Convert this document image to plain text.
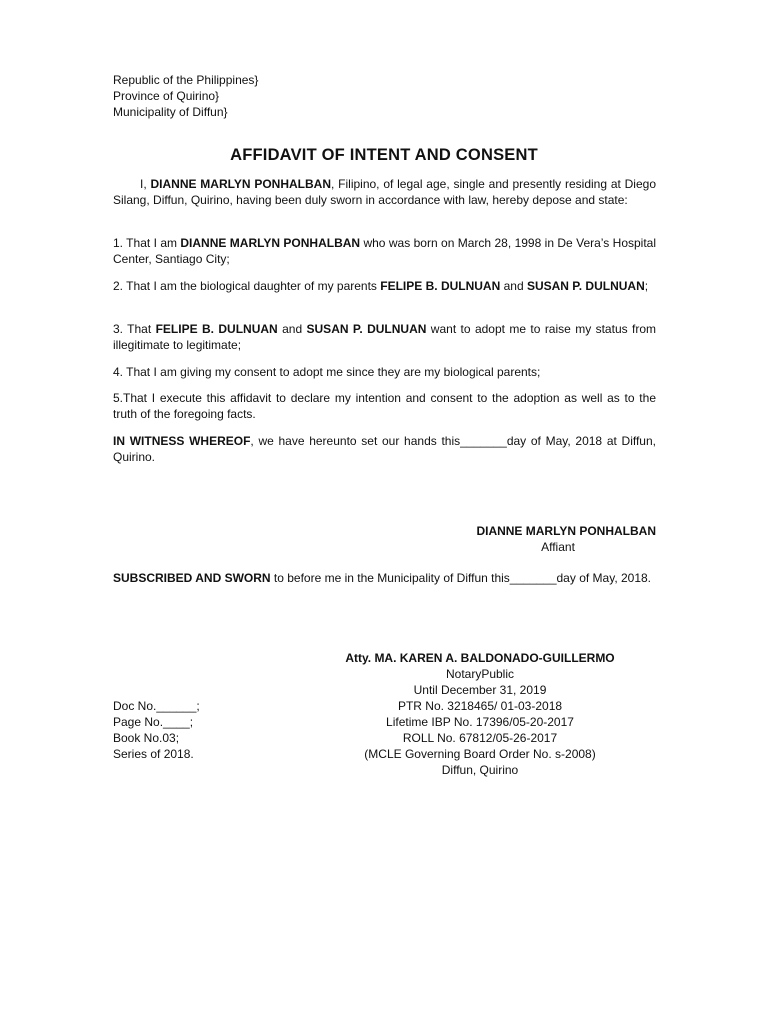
Republic of the Philippines}
Province of Quirino}
Municipality of Diffun}
AFFIDAVIT OF INTENT AND CONSENT
I, DIANNE MARLYN PONHALBAN, Filipino, of legal age, single and presently residing at Diego Silang, Diffun, Quirino, having been duly sworn in accordance with law, hereby depose and state:
1. That I am DIANNE MARLYN PONHALBAN who was born on March 28, 1998 in De Vera’s Hospital Center, Santiago City;
2. That I am the biological daughter of my parents FELIPE B. DULNUAN and SUSAN P. DULNUAN;
3. That FELIPE B. DULNUAN and SUSAN P. DULNUAN want to adopt me to raise my status from illegitimate to legitimate;
4. That I am giving my consent to adopt me since they are my biological parents;
5.That I execute this affidavit to declare my intention and consent to the adoption as well as to the truth of the foregoing facts.
IN WITNESS WHEREOF, we have hereunto set our hands this_______day of May, 2018 at Diffun, Quirino.
DIANNE MARLYN PONHALBAN
Affiant
SUBSCRIBED AND SWORN to before me in the Municipality of Diffun this_______day of May, 2018.
Atty. MA. KAREN A. BALDONADO-GUILLERMO
NotaryPublic
Until December 31, 2019
PTR No. 3218465/ 01-03-2018
Lifetime IBP No. 17396/05-20-2017
ROLL No. 67812/05-26-2017
(MCLE Governing Board Order No. s-2008)
Diffun, Quirino
Doc No.______;
Page No.____;
Book No.03;
Series of 2018.
